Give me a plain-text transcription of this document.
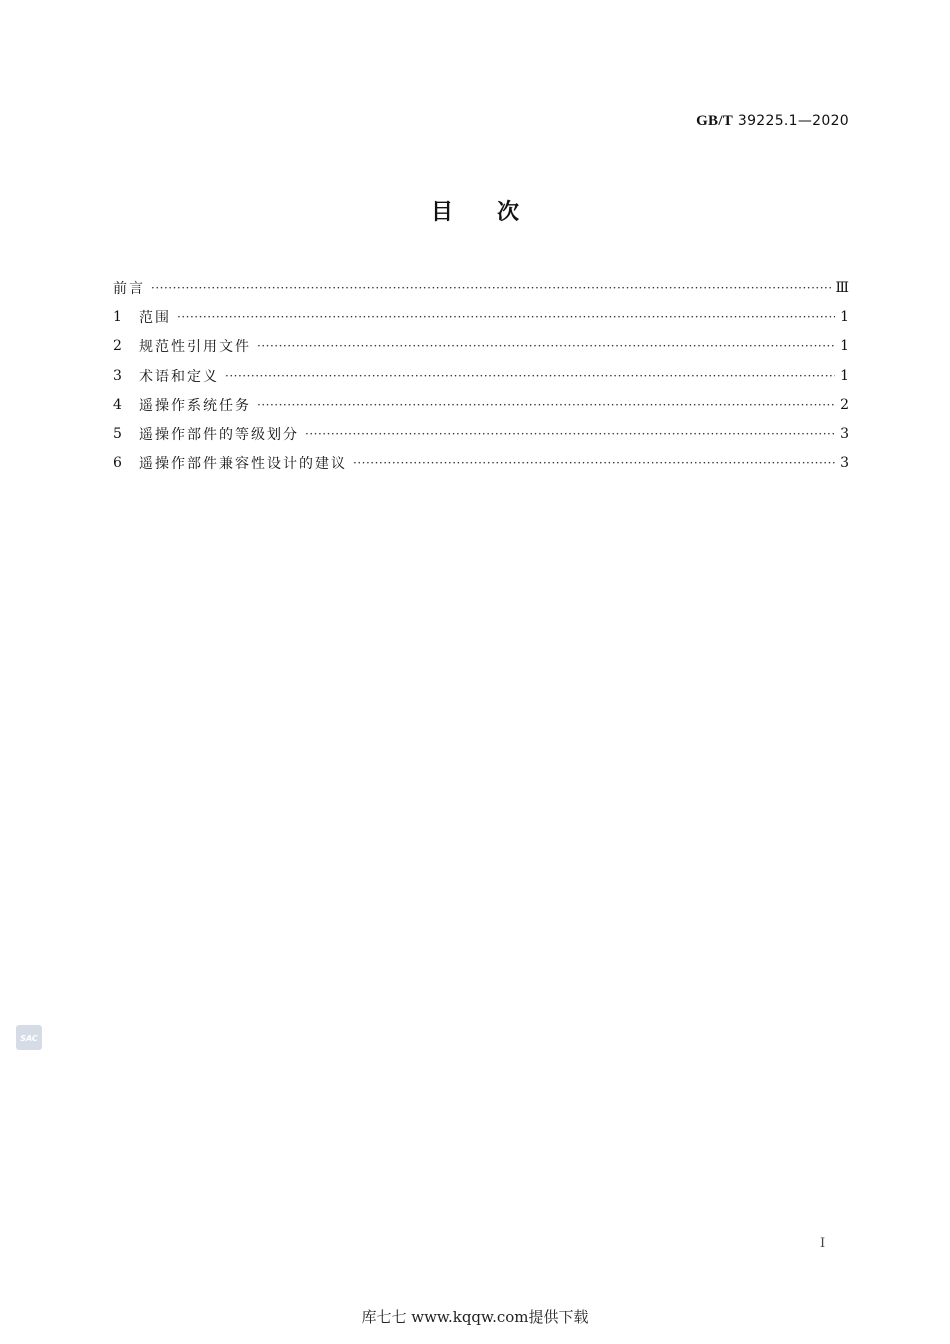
GB/T 39225.1—2020
目 次
前言 ·····	Ⅲ
1	范围 ·····	1
2	规范性引用文件 ·····	1
3	术语和定义 ·····	1
4	遥操作系统任务 ·····	2
5	遥操作部件的等级划分 ·····	3
6	遥操作部件兼容性设计的建议 ·····	3
SAC
I
库七七 www.kqqw.com提供下载
